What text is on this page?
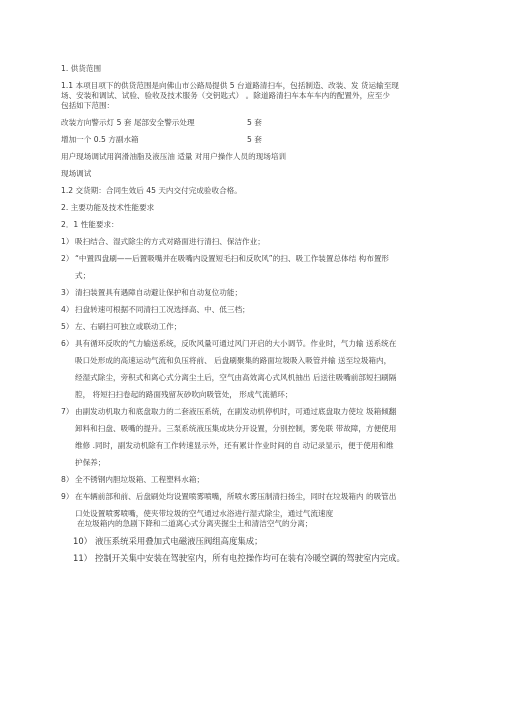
1. 供货范围

1.1 本项目项下的供货范围是向佛山市公路局提供 5 台道路清扫车，包括制造、改装、发 货运输至现

场、安装和调试、试验、验收及技术服务（交钥匙式） 。除道路清扫车本车车内的配置外，应至少

包括如下范围：

改装方向警示灯 5 套 尾部安全警示处理	5 套
增加一个 0.5 方副水箱	5 套

用户现场调试用润滑油脂及液压油 适量 对用户操作人员的现场培训

现场调试

1.2 交货期：合同生效后 45 天内交付完成验收合格。

2. 主要功能及技术性能要求

2．1 性能要求：

1） 吸扫结合、湿式除尘的方式对路面进行清扫、保洁作业；

2） “中置四盘刷——后置吸嘴并在吸嘴内设置短毛扫和反吹风”的扫、吸工作装置总体结 构布置形

式；

3） 清扫装置具有遇障自动避让保护和自动复位功能；

4） 扫盘转速可根据不同清扫工况选择高、中、低三档；

5） 左、右刷扫可独立或联动工作；

6） 具有循环反吹的气力输送系统，反吹风量可通过风门开启的大小调节。作业时，气力输 送系统在

吸口处形成的高速运动气流和负压将前、 后盘刷聚集的路面垃圾吸入吸管并输 送至垃圾箱内，

经湿式除尘，旁积式和离心式分离尘土后，空气由高效离心式风机抽出 后送往吸嘴前部短扫刷隔

腔， 将短扫扫卷起的路面残留灰砂吹向吸管处， 形成气流循环；

7） 由副发动机取力和底盘取力的二套液压系统，在副发动机停机时，可通过底盘取力使垃 圾箱倾翻

卸料和扫盘、吸嘴的提升。三泵系统液压集成块分开设置，分别控制，雾免联 带故障，方便使用

维修 .同时，副发动机除有工作转速显示外，还有累计作业时间的自 动记录显示，便于使用和维

护保养；

8） 全不锈钢内胆垃圾箱、工程塑料水箱；

9） 在车辆前部和前、后盘刷处均设置喷雾喷嘴，所喷水雾压制清扫扬尘，同时在垃圾箱内 的吸管出

口处设置喷雾喷嘴，使夹带垃圾的空气通过水浴进行湿式除尘，通过气流速度

在垃圾箱内的急剧下降和二道离心式分离夹掘尘土和清洁空气的分离；

10） 液压系统采用叠加式电磁液压阀组高度集成；

11） 控制开关集中安装在驾驶室内，所有电控操作均可在装有冷暖空调的驾驶室内完成。
